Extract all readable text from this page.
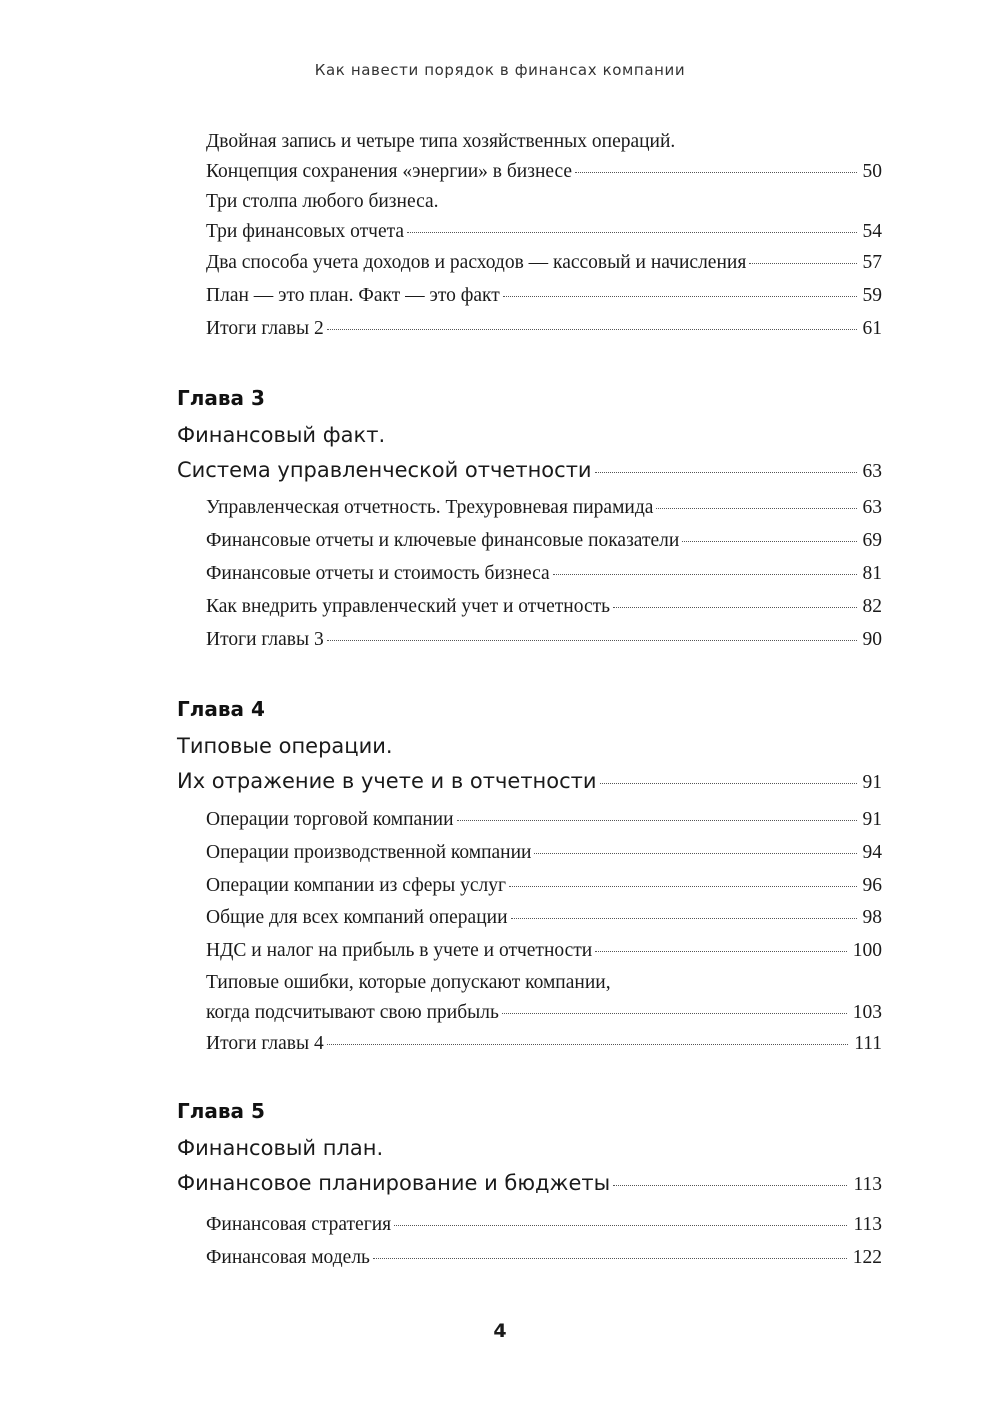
Как навести порядок в финансах компании
Двойная запись и четыре типа хозяйственных операций.
Концепция сохранения «энергии» в бизнесе	50
Три столпа любого бизнеса.
Три финансовых отчета	54
Два способа учета доходов и расходов — кассовый и начисления	57
План — это план. Факт — это факт	59
Итоги главы 2	61
Глава 3
Финансовый факт.
Система управленческой отчетности	63
Управленческая отчетность. Трехуровневая пирамида	63
Финансовые отчеты и ключевые финансовые показатели	69
Финансовые отчеты и стоимость бизнеса	81
Как внедрить управленческий учет и отчетность	82
Итоги главы 3	90
Глава 4
Типовые операции.
Их отражение в учете и в отчетности	91
Операции торговой компании	91
Операции производственной компании	94
Операции компании из сферы услуг	96
Общие для всех компаний операции	98
НДС и налог на прибыль в учете и отчетности	100
Типовые ошибки, которые допускают компании,
когда подсчитывают свою прибыль	103
Итоги главы 4	111
Глава 5
Финансовый план.
Финансовое планирование и бюджеты	113
Финансовая стратегия	113
Финансовая модель	122
4
